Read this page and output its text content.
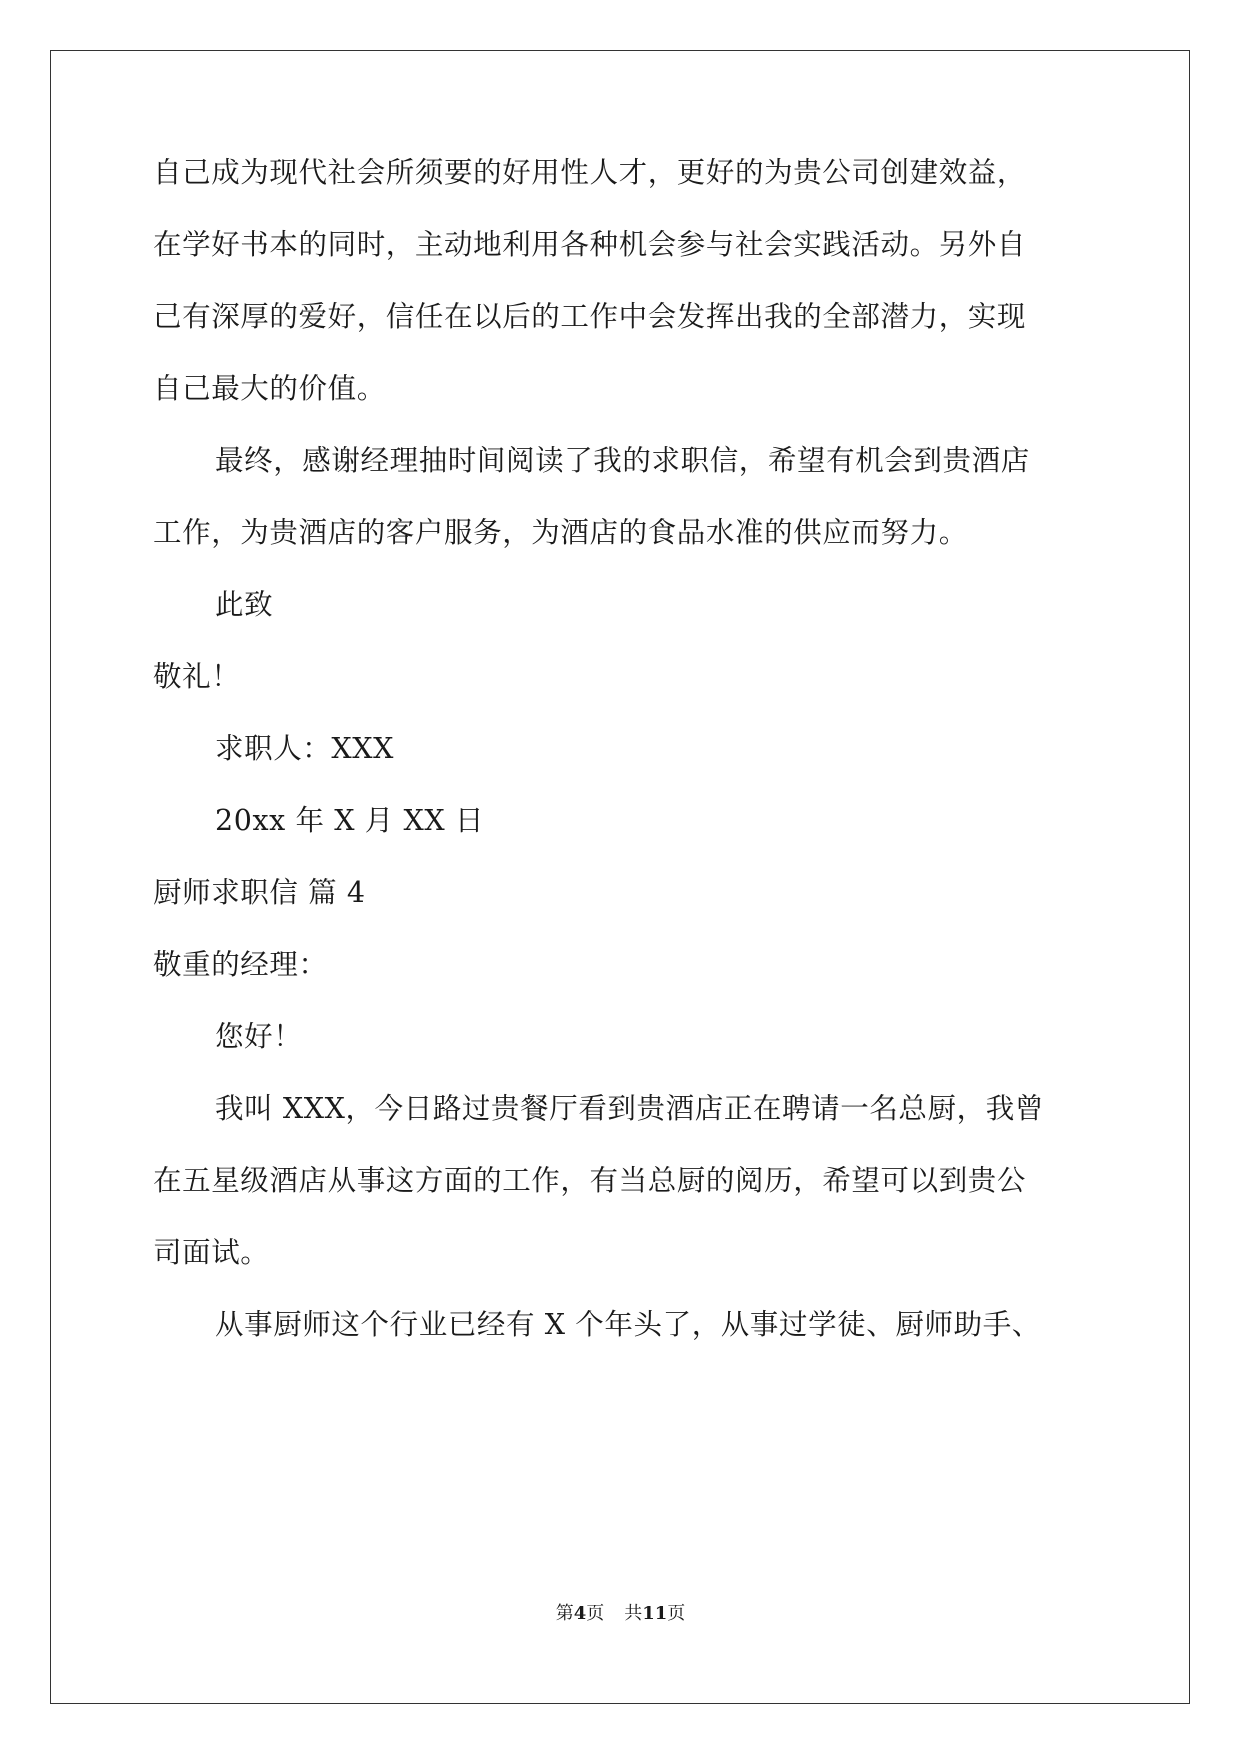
自己成为现代社会所须要的好用性人才，更好的为贵公司创建效益，
在学好书本的同时，主动地利用各种机会参与社会实践活动。另外自
己有深厚的爱好，信任在以后的工作中会发挥出我的全部潜力，实现
自己最大的价值。
最终，感谢经理抽时间阅读了我的求职信，希望有机会到贵酒店
工作，为贵酒店的客户服务，为酒店的食品水准的供应而努力。
此致
敬礼！
求职人：XXX
20xx 年 X 月 XX 日
厨师求职信 篇 4
敬重的经理：
您好！
我叫 XXX，今日路过贵餐厅看到贵酒店正在聘请一名总厨，我曾
在五星级酒店从事这方面的工作，有当总厨的阅历，希望可以到贵公
司面试。
从事厨师这个行业已经有 X 个年头了，从事过学徒、厨师助手、
第4页 共11页
